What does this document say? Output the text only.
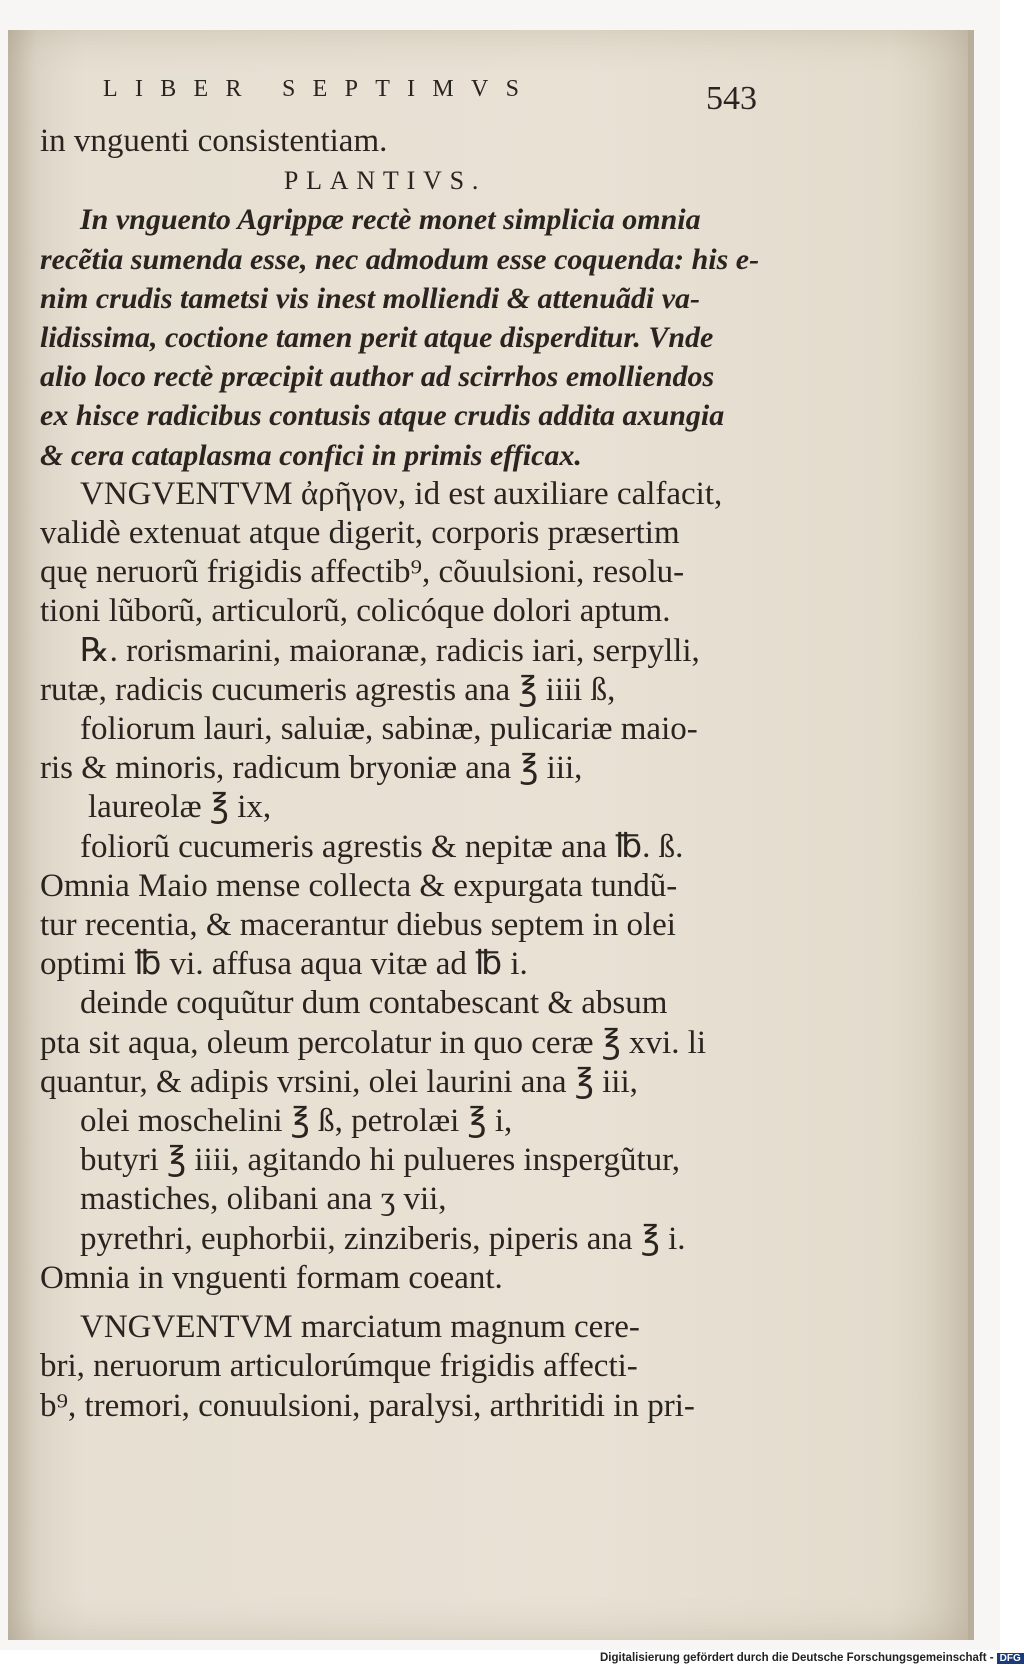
LIBER SEPTIMVS	543
in vnguenti consistentiam.
PLANTIVS.
In vnguento Agrippæ rectè monet simplicia omnia
recẽtia sumenda esse, nec admodum esse coquenda: his e-
nim crudis tametsi vis inest molliendi & attenuãdi va-
lidissima, coctione tamen perit atque disperditur. Vnde
alio loco rectè præcipit author ad scirrhos emolliendos
ex hisce radicibus contusis atque crudis addita axungia
& cera cataplasma confici in primis efficax.
VNGVENTVM ἀρῆγον, id est auxiliare calfacit,
validè extenuat atque digerit, corporis præsertim
quę neruorũ frigidis affectib⁹, cõuulsioni, resolu-
tioni lũborũ, articulorũ, colicóque dolori aptum.
℞. rorismarini, maioranæ, radicis iari, serpylli,
rutæ, radicis cucumeris agrestis ana ℥ iiii ß,
foliorum lauri, saluiæ, sabinæ, pulicariæ maio-
ris & minoris, radicum bryoniæ ana ℥ iii,
laureolæ ℥ ix,
foliorũ cucumeris agrestis & nepitæ ana ℔. ß.
Omnia Maio mense collecta & expurgata tundũ-
tur recentia, & macerantur diebus septem in olei
optimi ℔ vi. affusa aqua vitæ ad ℔ i.
deinde coquũtur dum contabescant & absum
pta sit aqua, oleum percolatur in quo ceræ ℥ xvi. li
quantur, & adipis vrsini, olei laurini ana ℥ iii,
olei moschelini ℥ ß, petrolæi ℥ i,
butyri ℥ iiii, agitando hi pulueres inspergũtur,
masticheѕ, olibani ana ʒ vii,
pyrethri, euphorbii, zinziberis, piperis ana ℥ i.
Omnia in vnguenti formam coeant.
VNGVENTVM marciatum magnum cere-
bri, neruorum articulorúmque frigidis affecti-
b⁹, tremori, conuulsioni, paralysi, arthritidi in pri-
Digitalisierung gefördert durch die Deutsche Forschungsgemeinschaft - DFG
